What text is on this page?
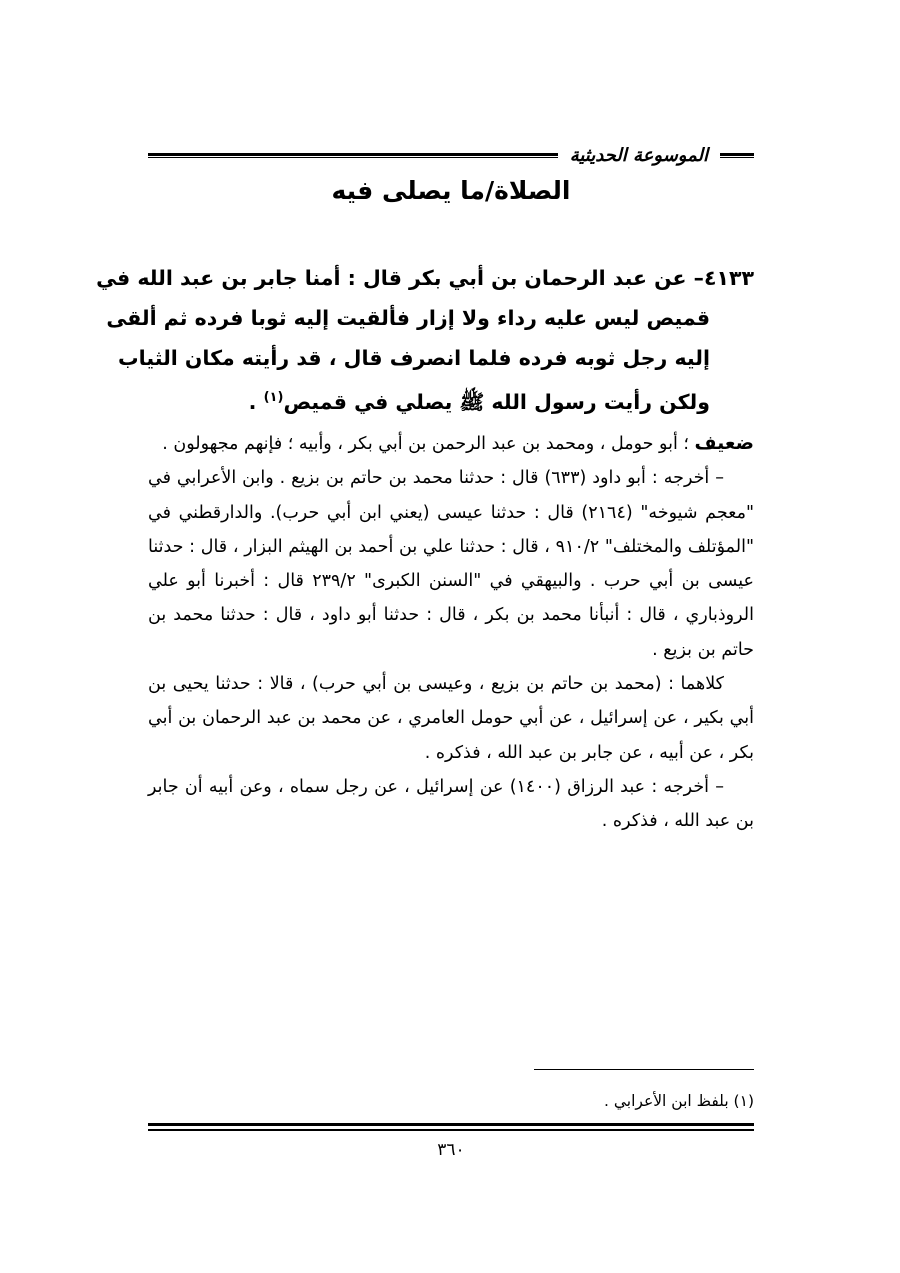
الموسوعة الحديثية
الصلاة/ما يصلى فيه
٤١٣٣– عن عبد الرحمان بن أبي بكر قال : أمنا جابر بن عبد الله في
قميص ليس عليه رداء ولا إزار فألقيت إليه ثوبا فرده ثم ألقى
إليه رجل ثوبه فرده فلما انصرف قال ، قد رأيته مكان الثياب
ولكن رأيت رسول الله ﷺ يصلي في قميص$^{(١)}$ .

ضعيف ؛ أبو حومل ، ومحمد بن عبد الرحمن بن أبي بكر ، وأبيه ؛ فإنهم مجهولون .

– أخرجه : أبو داود (٦٣٣) قال : حدثنا محمد بن حاتم بن بزيع . وابن الأعرابي في "معجم شيوخه" (٢١٦٤) قال : حدثنا عيسى (يعني ابن أبي حرب). والدارقطني في "المؤتلف والمختلف" ٩١٠/٢ ، قال : حدثنا علي بن أحمد بن الهيثم البزار ، قال : حدثنا عيسى بن أبي حرب . والبيهقي في "السنن الكبرى" ٢٣٩/٢ قال : أخبرنا أبو علي الروذباري ، قال : أنبأنا محمد بن بكر ، قال : حدثنا أبو داود ، قال : حدثنا محمد بن حاتم بن بزيع .

كلاهما : (محمد بن حاتم بن بزيع ، وعيسى بن أبي حرب) ، قالا : حدثنا يحيى بن أبي بكير ، عن إسرائيل ، عن أبي حومل العامري ، عن محمد بن عبد الرحمان بن أبي بكر ، عن أبيه ، عن جابر بن عبد الله ، فذكره .

– أخرجه : عبد الرزاق (١٤٠٠) عن إسرائيل ، عن رجل سماه ، وعن أبيه أن جابر بن عبد الله ، فذكره .

(١) بلفظ ابن الأعرابي .
٣٦٠
